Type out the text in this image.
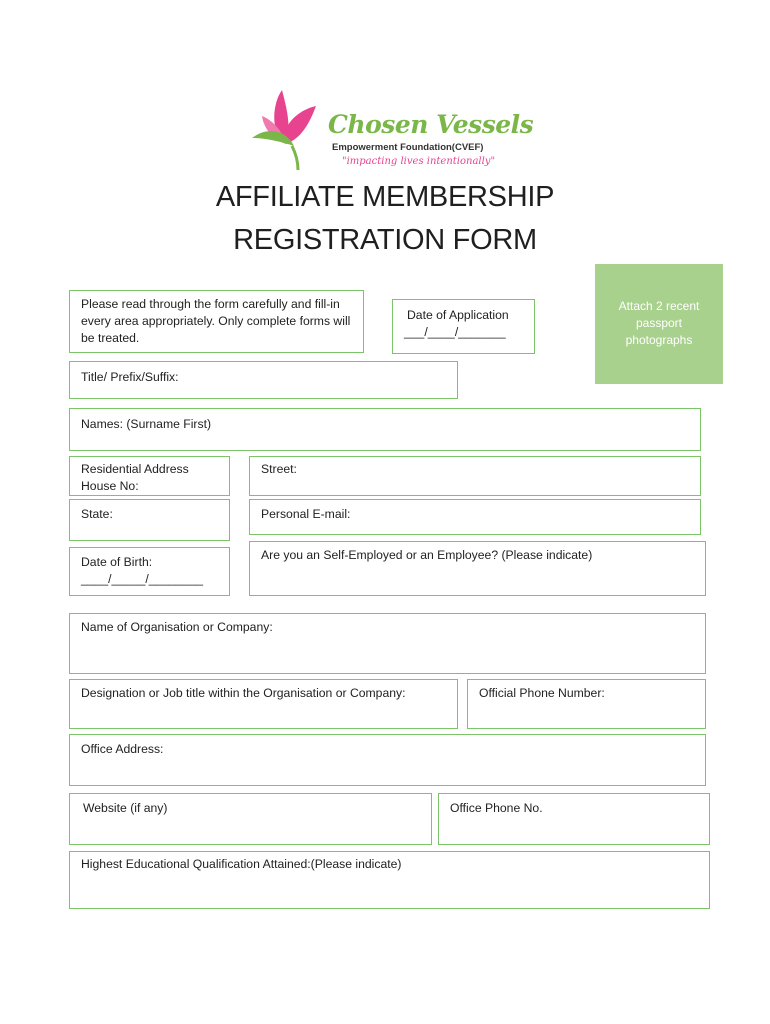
Chosen Vessels
Empowerment Foundation(CVEF)
"impacting lives intentionally"
AFFILIATE MEMBERSHIP
REGISTRATION FORM
Attach 2 recent passport photographs
Please read through the form carefully and fill-in every area appropriately. Only complete forms will be treated.
Date of Application
___/____/_______
Title/ Prefix/Suffix:
Names: (Surname First)
Residential Address
House No:
Street:
State:	Personal E-mail:
Date of Birth:
____/_____/________
Are you an Self-Employed or an Employee? (Please indicate)
Name of Organisation or Company:
Designation or Job title within the Organisation or Company:	Official Phone Number:
Office Address:
Website (if any)	Office Phone No.
Highest Educational Qualification Attained:(Please indicate)
